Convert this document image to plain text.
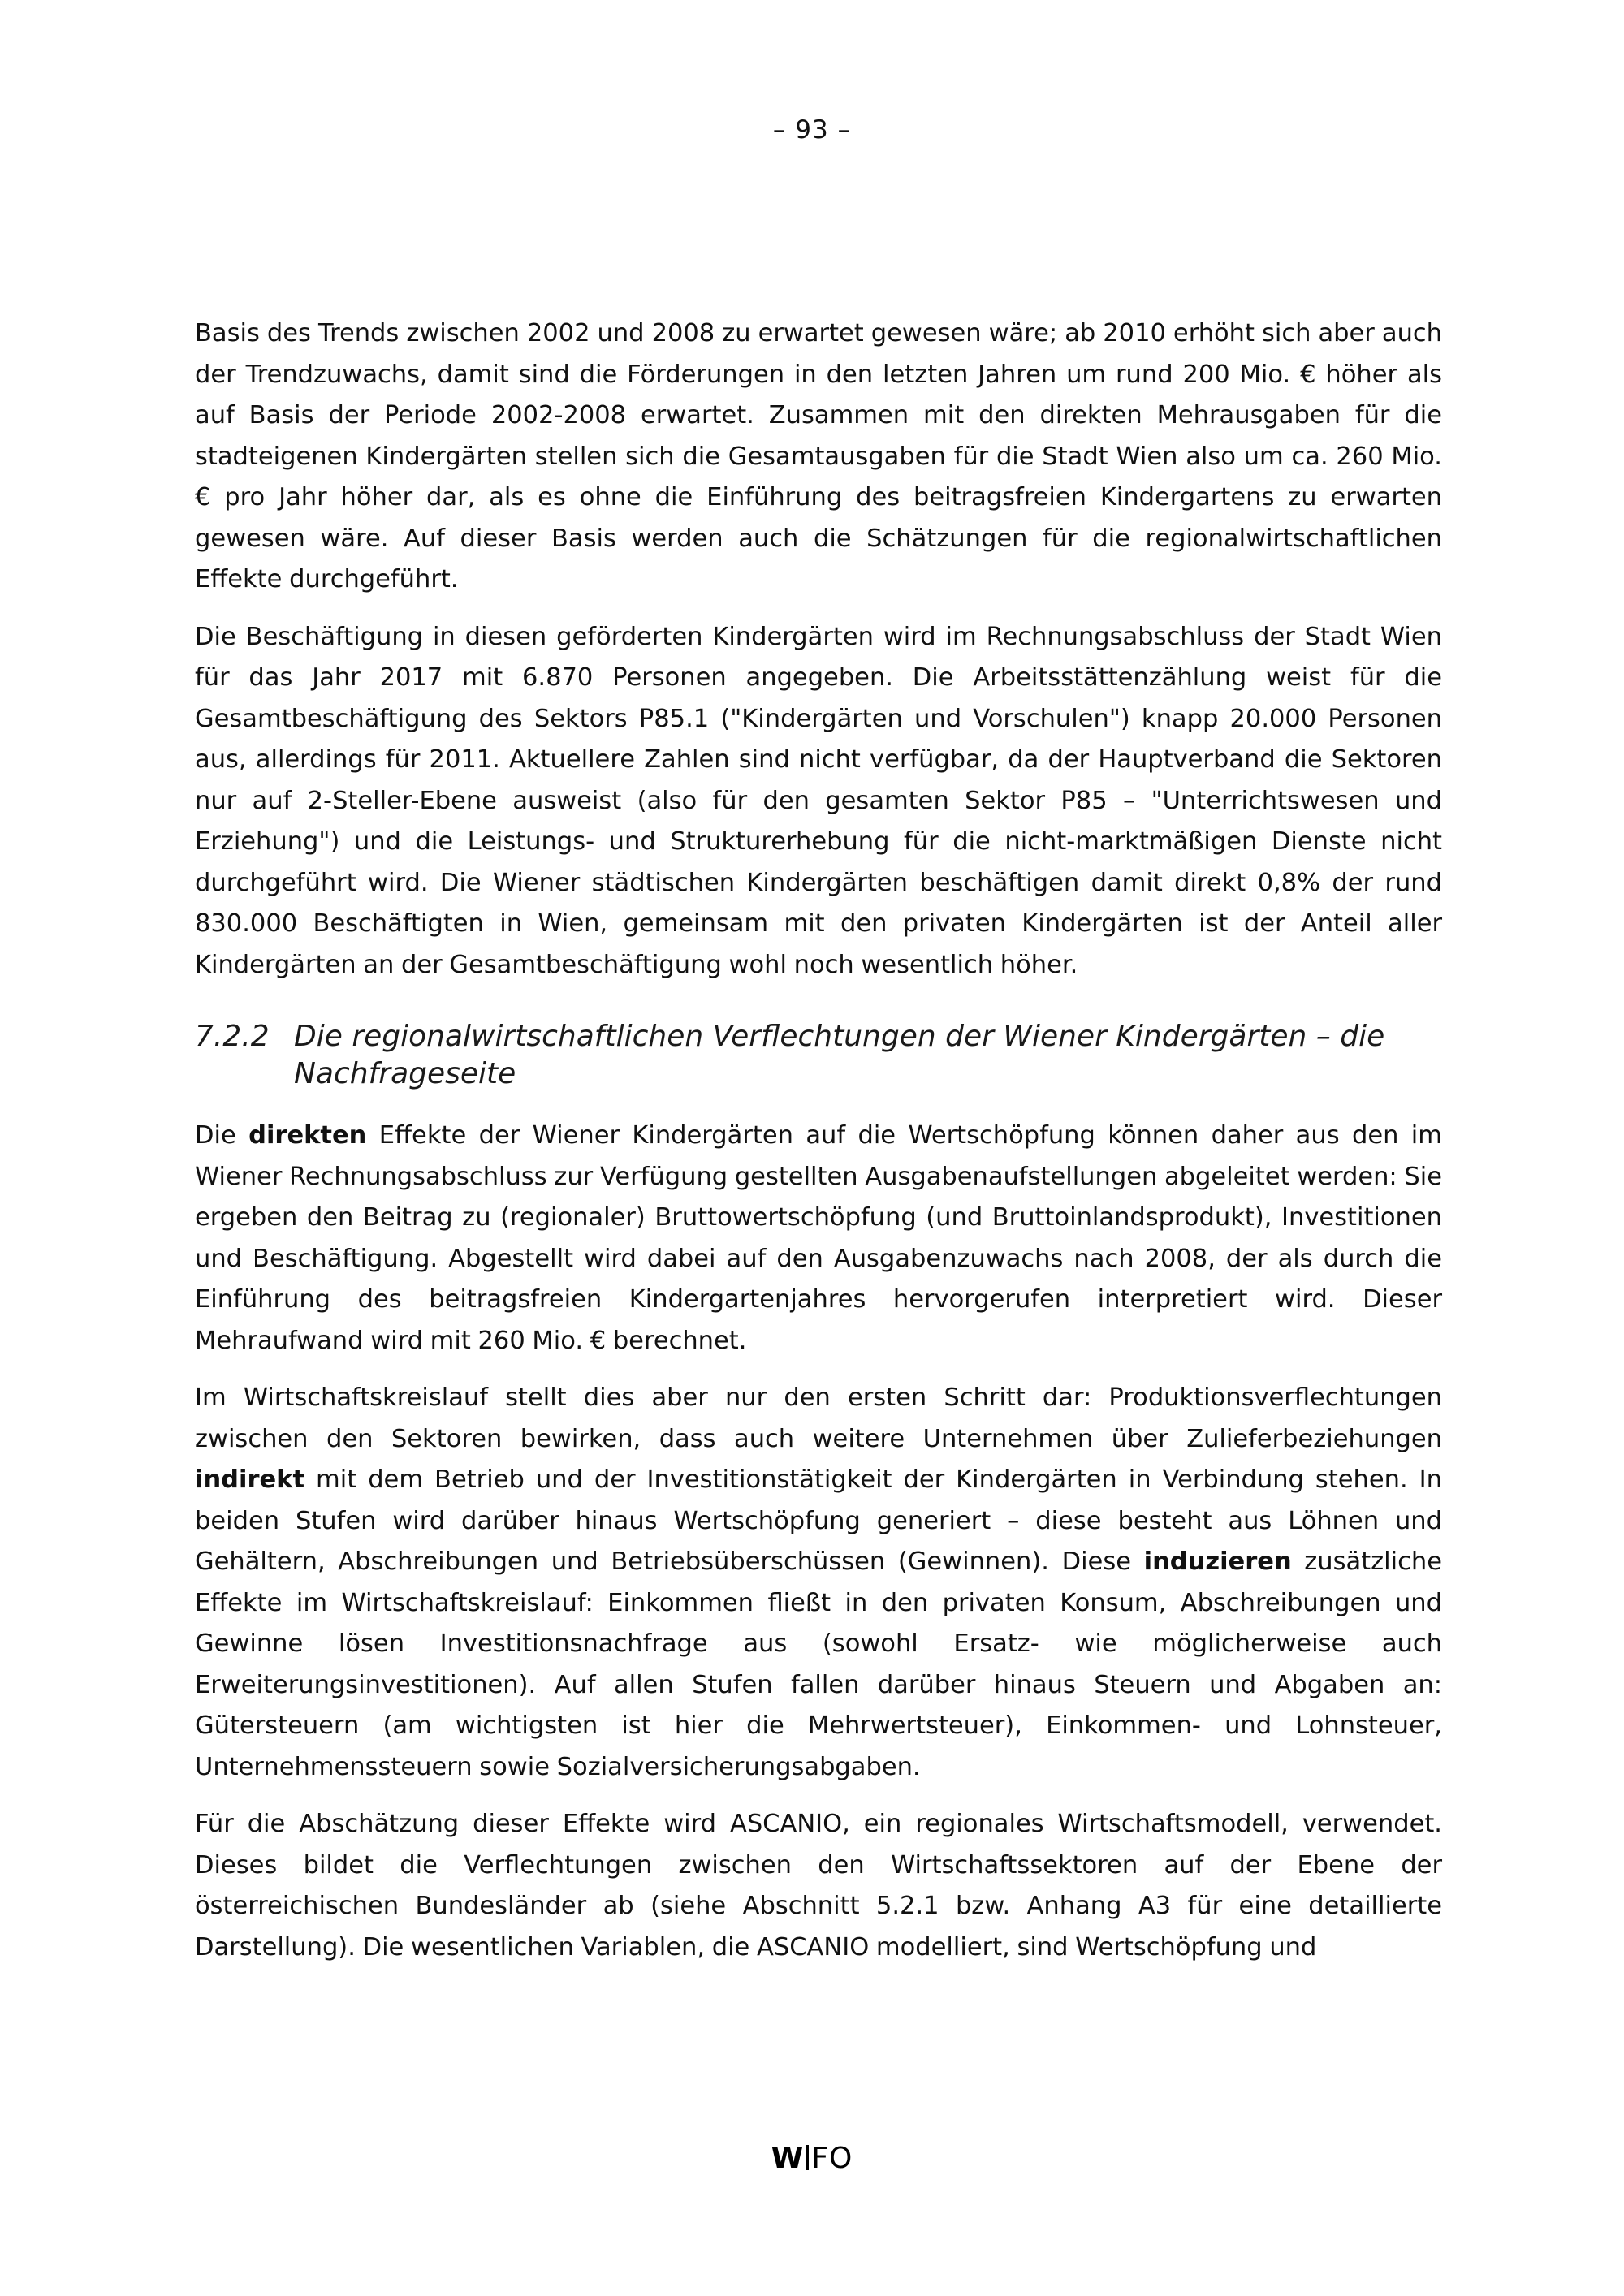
– 93 –

Basis des Trends zwischen 2002 und 2008 zu erwartet gewesen wäre; ab 2010 erhöht sich aber auch der Trendzuwachs, damit sind die Förderungen in den letzten Jahren um rund 200 Mio. € höher als auf Basis der Periode 2002-2008 erwartet. Zusammen mit den direkten Mehrausgaben für die stadteigenen Kindergärten stellen sich die Gesamtausgaben für die Stadt Wien also um ca. 260 Mio. € pro Jahr höher dar, als es ohne die Einführung des beitragsfreien Kindergartens zu erwarten gewesen wäre. Auf dieser Basis werden auch die Schätzungen für die regionalwirtschaftlichen Effekte durchgeführt.

Die Beschäftigung in diesen geförderten Kindergärten wird im Rechnungsabschluss der Stadt Wien für das Jahr 2017 mit 6.870 Personen angegeben. Die Arbeitsstättenzählung weist für die Gesamtbeschäftigung des Sektors P85.1 ("Kindergärten und Vorschulen") knapp 20.000 Personen aus, allerdings für 2011. Aktuellere Zahlen sind nicht verfügbar, da der Hauptverband die Sektoren nur auf 2-Steller-Ebene ausweist (also für den gesamten Sektor P85 – "Unterrichtswesen und Erziehung") und die Leistungs- und Strukturerhebung für die nicht-marktmäßigen Dienste nicht durchgeführt wird. Die Wiener städtischen Kindergärten beschäftigen damit direkt 0,8% der rund 830.000 Beschäftigten in Wien, gemeinsam mit den privaten Kindergärten ist der Anteil aller Kindergärten an der Gesamtbeschäftigung wohl noch wesentlich höher.

7.2.2 Die regionalwirtschaftlichen Verflechtungen der Wiener Kindergärten – die Nachfrageseite

Die direkten Effekte der Wiener Kindergärten auf die Wertschöpfung können daher aus den im Wiener Rechnungsabschluss zur Verfügung gestellten Ausgabenaufstellungen abgeleitet werden: Sie ergeben den Beitrag zu (regionaler) Bruttowertschöpfung (und Bruttoinlandsprodukt), Investitionen und Beschäftigung. Abgestellt wird dabei auf den Ausgabenzuwachs nach 2008, der als durch die Einführung des beitragsfreien Kindergartenjahres hervorgerufen interpretiert wird. Dieser Mehraufwand wird mit 260 Mio. € berechnet.

Im Wirtschaftskreislauf stellt dies aber nur den ersten Schritt dar: Produktionsverflechtungen zwischen den Sektoren bewirken, dass auch weitere Unternehmen über Zulieferbeziehungen indirekt mit dem Betrieb und der Investitionstätigkeit der Kindergärten in Verbindung stehen. In beiden Stufen wird darüber hinaus Wertschöpfung generiert – diese besteht aus Löhnen und Gehältern, Abschreibungen und Betriebsüberschüssen (Gewinnen). Diese induzieren zusätzliche Effekte im Wirtschaftskreislauf: Einkommen fließt in den privaten Konsum, Abschreibungen und Gewinne lösen Investitionsnachfrage aus (sowohl Ersatz- wie möglicherweise auch Erweiterungsinvestitionen). Auf allen Stufen fallen darüber hinaus Steuern und Abgaben an: Gütersteuern (am wichtigsten ist hier die Mehrwertsteuer), Einkommen- und Lohnsteuer, Unternehmenssteuern sowie Sozialversicherungsabgaben.

Für die Abschätzung dieser Effekte wird ASCANIO, ein regionales Wirtschaftsmodell, verwendet. Dieses bildet die Verflechtungen zwischen den Wirtschaftssektoren auf der Ebene der österreichischen Bundesländer ab (siehe Abschnitt 5.2.1 bzw. Anhang A3 für eine detaillierte Darstellung). Die wesentlichen Variablen, die ASCANIO modelliert, sind Wertschöpfung und

W FO
